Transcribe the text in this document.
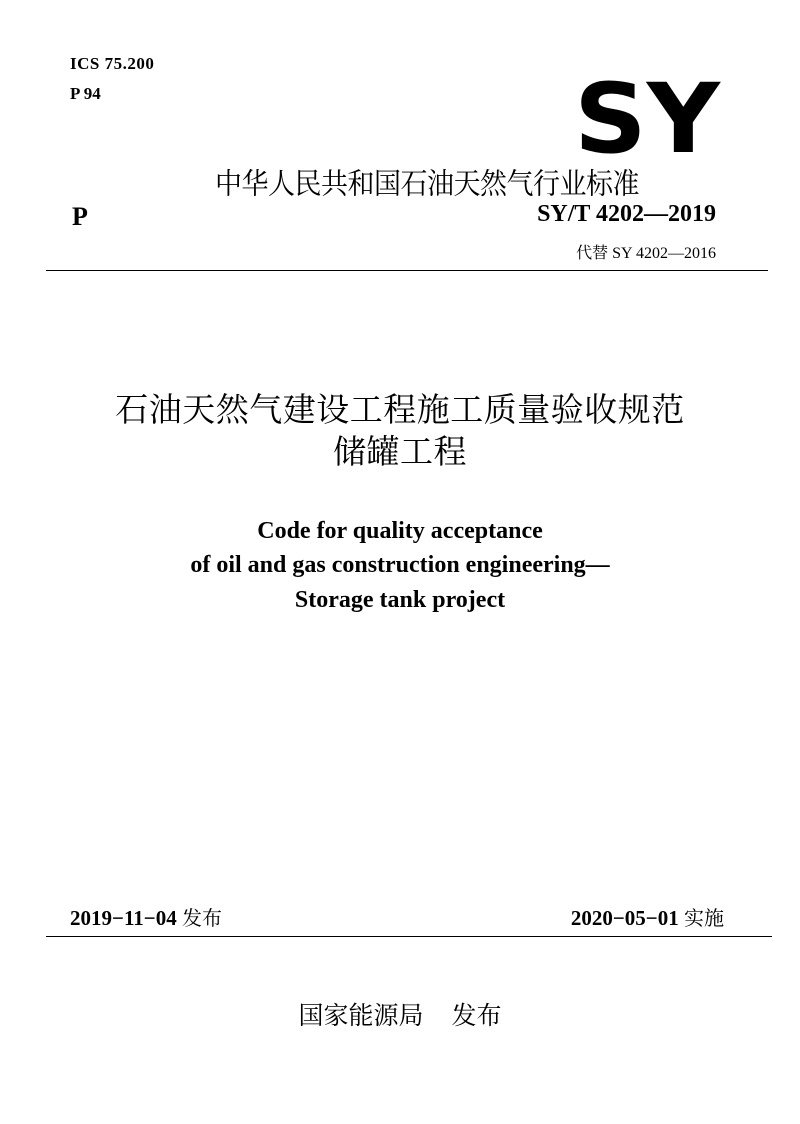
ICS 75.200
P 94	SY
中华人民共和国石油天然气行业标准
P	SY/T 4202—2019
代替 SY 4202—2016
石油天然气建设工程施工质量验收规范
储罐工程
Code for quality acceptance
of oil and gas construction engineering—
Storage tank project
2019−11−04 发布	2020−05−01 实施
国家能源局 发布
